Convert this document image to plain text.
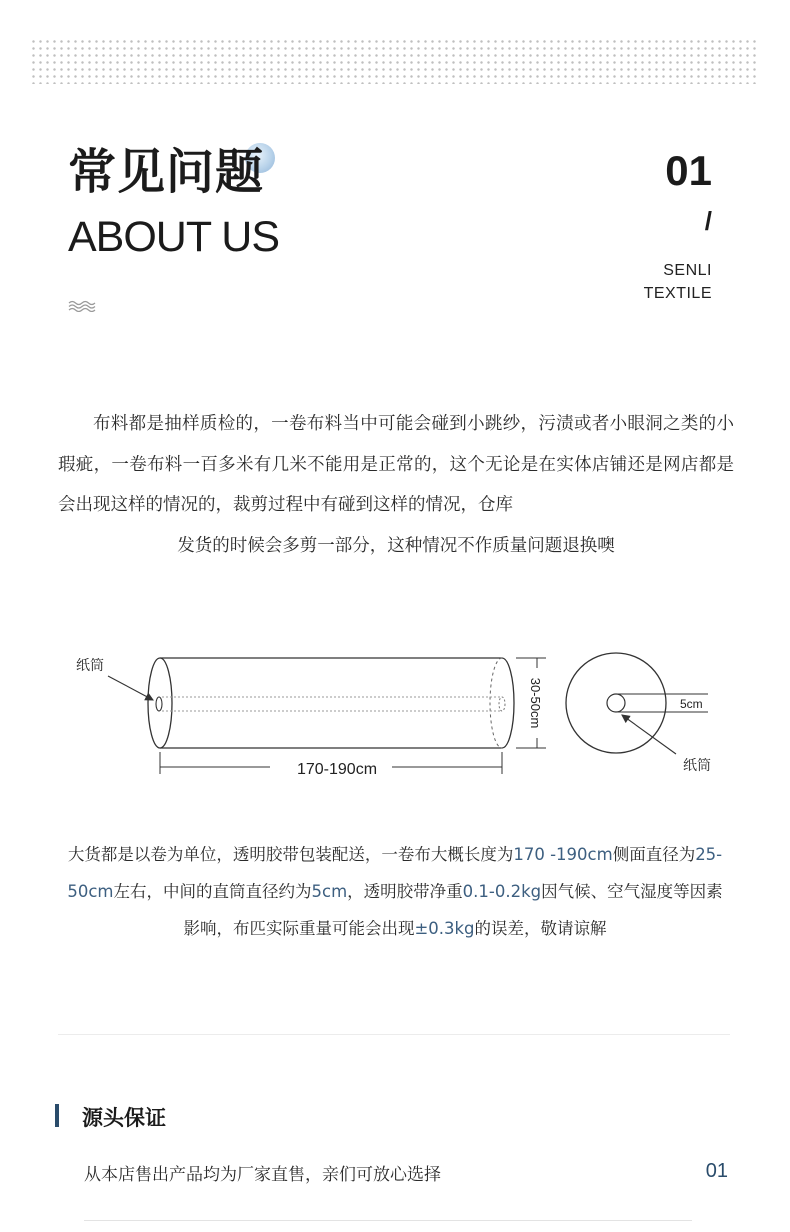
常见问题
ABOUT US
01
/
SENLI
TEXTILE
布料都是抽样质检的，一卷布料当中可能会碰到小跳纱，污渍或者小眼洞之类的小瑕疵，一卷布料一百多米有几米不能用是正常的，这个无论是在实体店铺还是网店都是会出现这样的情况的，裁剪过程中有碰到这样的情况，仓库
发货的时候会多剪一部分，这种情况不作质量问题退换噢
纸筒
170-190cm
30-50cm	5cm
纸筒
大货都是以卷为单位，透明胶带包装配送，一卷布大概长度为170 -190cm侧面直径为25-50cm左右，中间的直筒直径约为5cm，透明胶带净重0.1-0.2kg因气候、空气湿度等因素影响，布匹实际重量可能会出现±0.3kg的误差，敬请谅解
源头保证
从本店售出产品均为厂家直售，亲们可放心选择	01
